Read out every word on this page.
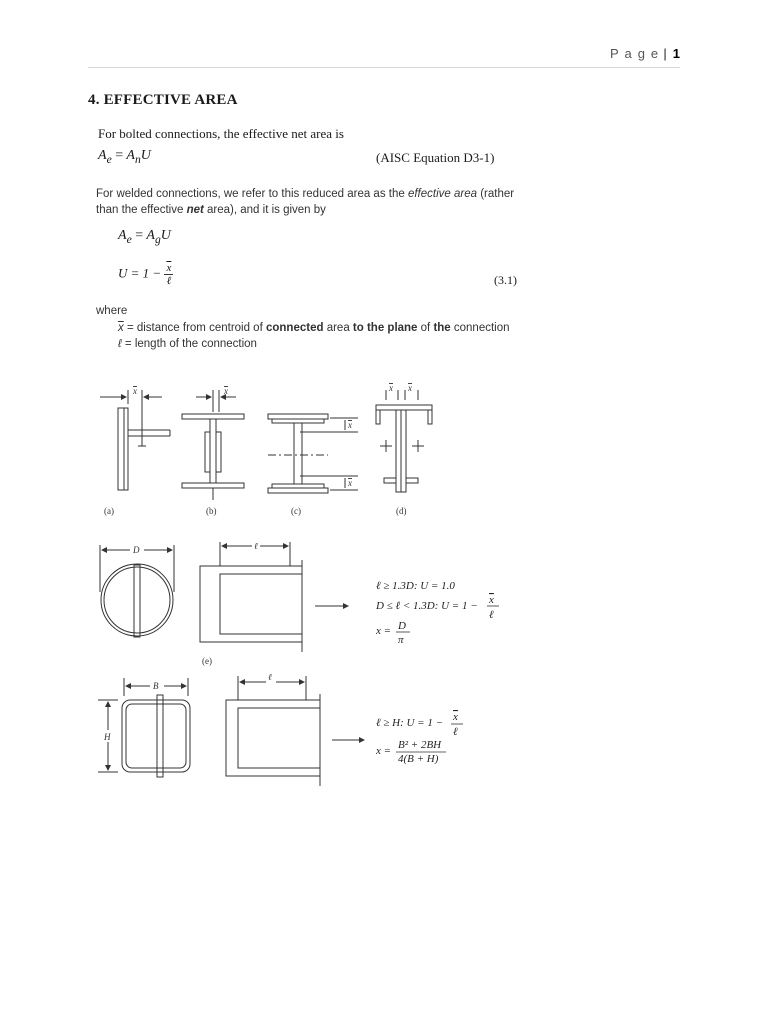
P a g e | 1
4. EFFECTIVE AREA
For bolted connections, the effective net area is
$A_e = A_nU$	(AISC Equation D3-1)
For welded connections, we refer to this reduced area as the effective area (rather than the effective net area), and it is given by
$A_e = A_gU$
$U = 1 - \frac{\overline{x}}{\text{ℓ}}$	(3.1)
where
$\overline{x}$ = distance from centroid of connected area to the plane of the connection
ℓ = length of the connection
x	x
x
x
x x
(a)	(b)	(c)	(d)
(e)
D	ℓ
B
H
ℓ
ℓ ≥ 1.3D: U = 1.0
D ≤ ℓ < 1.3D: U = 1 − x
ℓ
x = D
π
ℓ ≥ H: U = 1 − x
ℓ
x = B² + 2BH
4(B + H)
